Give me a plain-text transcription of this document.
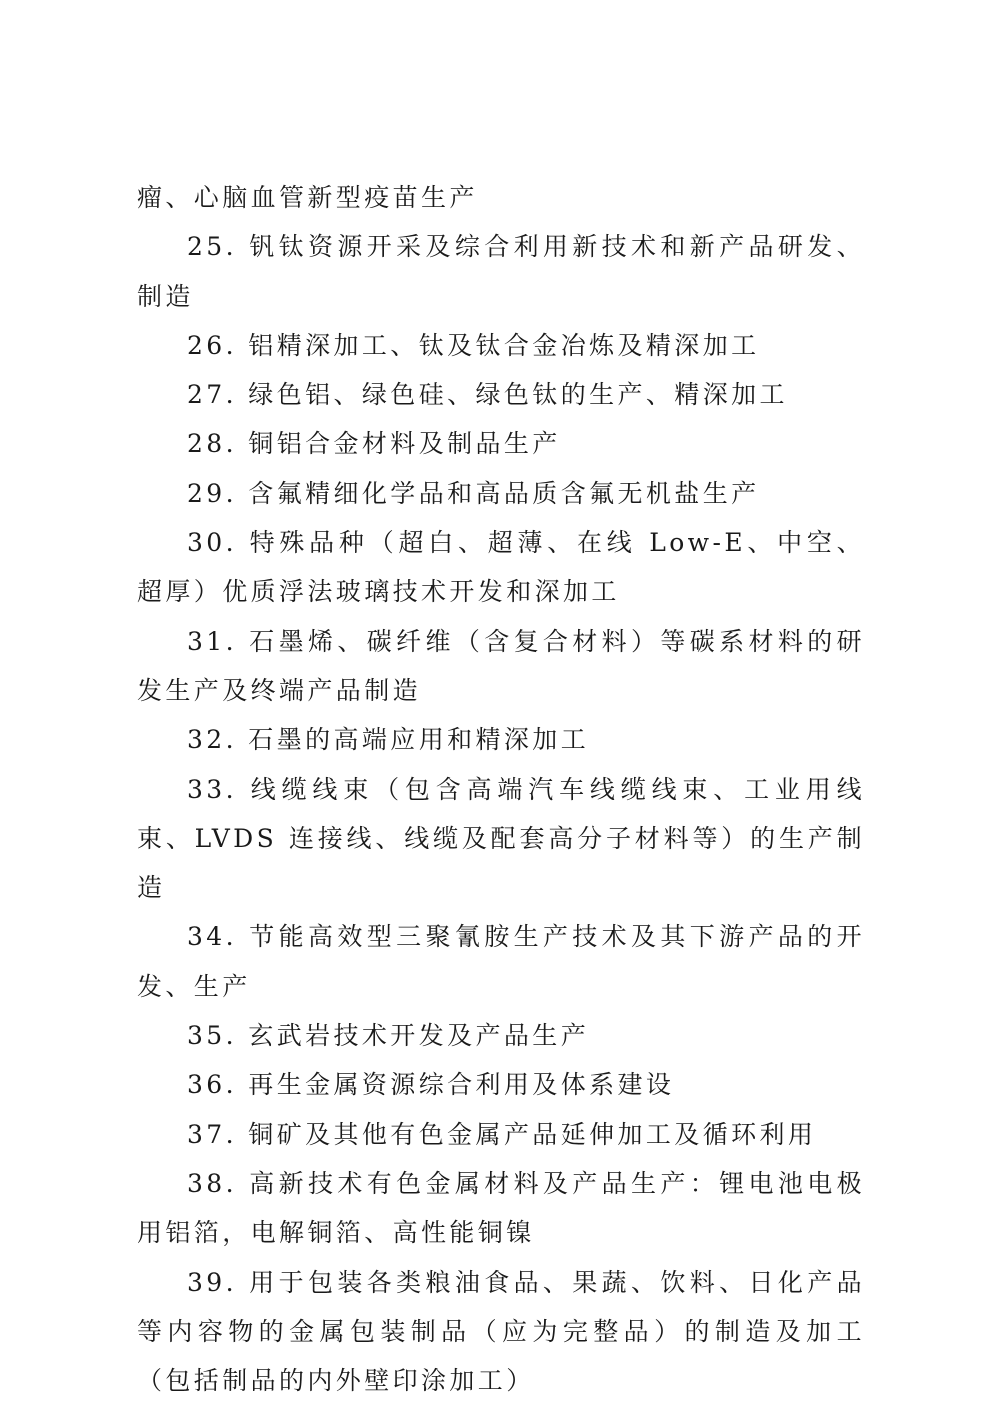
瘤、心脑血管新型疫苗生产

25. 钒钛资源开采及综合利用新技术和新产品研发、制造

26. 铝精深加工、钛及钛合金冶炼及精深加工

27. 绿色铝、绿色硅、绿色钛的生产、精深加工

28. 铜铝合金材料及制品生产

29. 含氟精细化学品和高品质含氟无机盐生产

30. 特殊品种（超白、超薄、在线 Low-E、中空、超厚）优质浮法玻璃技术开发和深加工

31. 石墨烯、碳纤维（含复合材料）等碳系材料的研发生产及终端产品制造

32. 石墨的高端应用和精深加工

33. 线缆线束（包含高端汽车线缆线束、工业用线束、LVDS 连接线、线缆及配套高分子材料等）的生产制造

34. 节能高效型三聚氰胺生产技术及其下游产品的开发、生产

35. 玄武岩技术开发及产品生产

36. 再生金属资源综合利用及体系建设

37. 铜矿及其他有色金属产品延伸加工及循环利用

38. 高新技术有色金属材料及产品生产：锂电池电极用铝箔，电解铜箔、高性能铜镍

39. 用于包装各类粮油食品、果蔬、饮料、日化产品等内容物的金属包装制品（应为完整品）的制造及加工（包括制品的内外壁印涂加工）
